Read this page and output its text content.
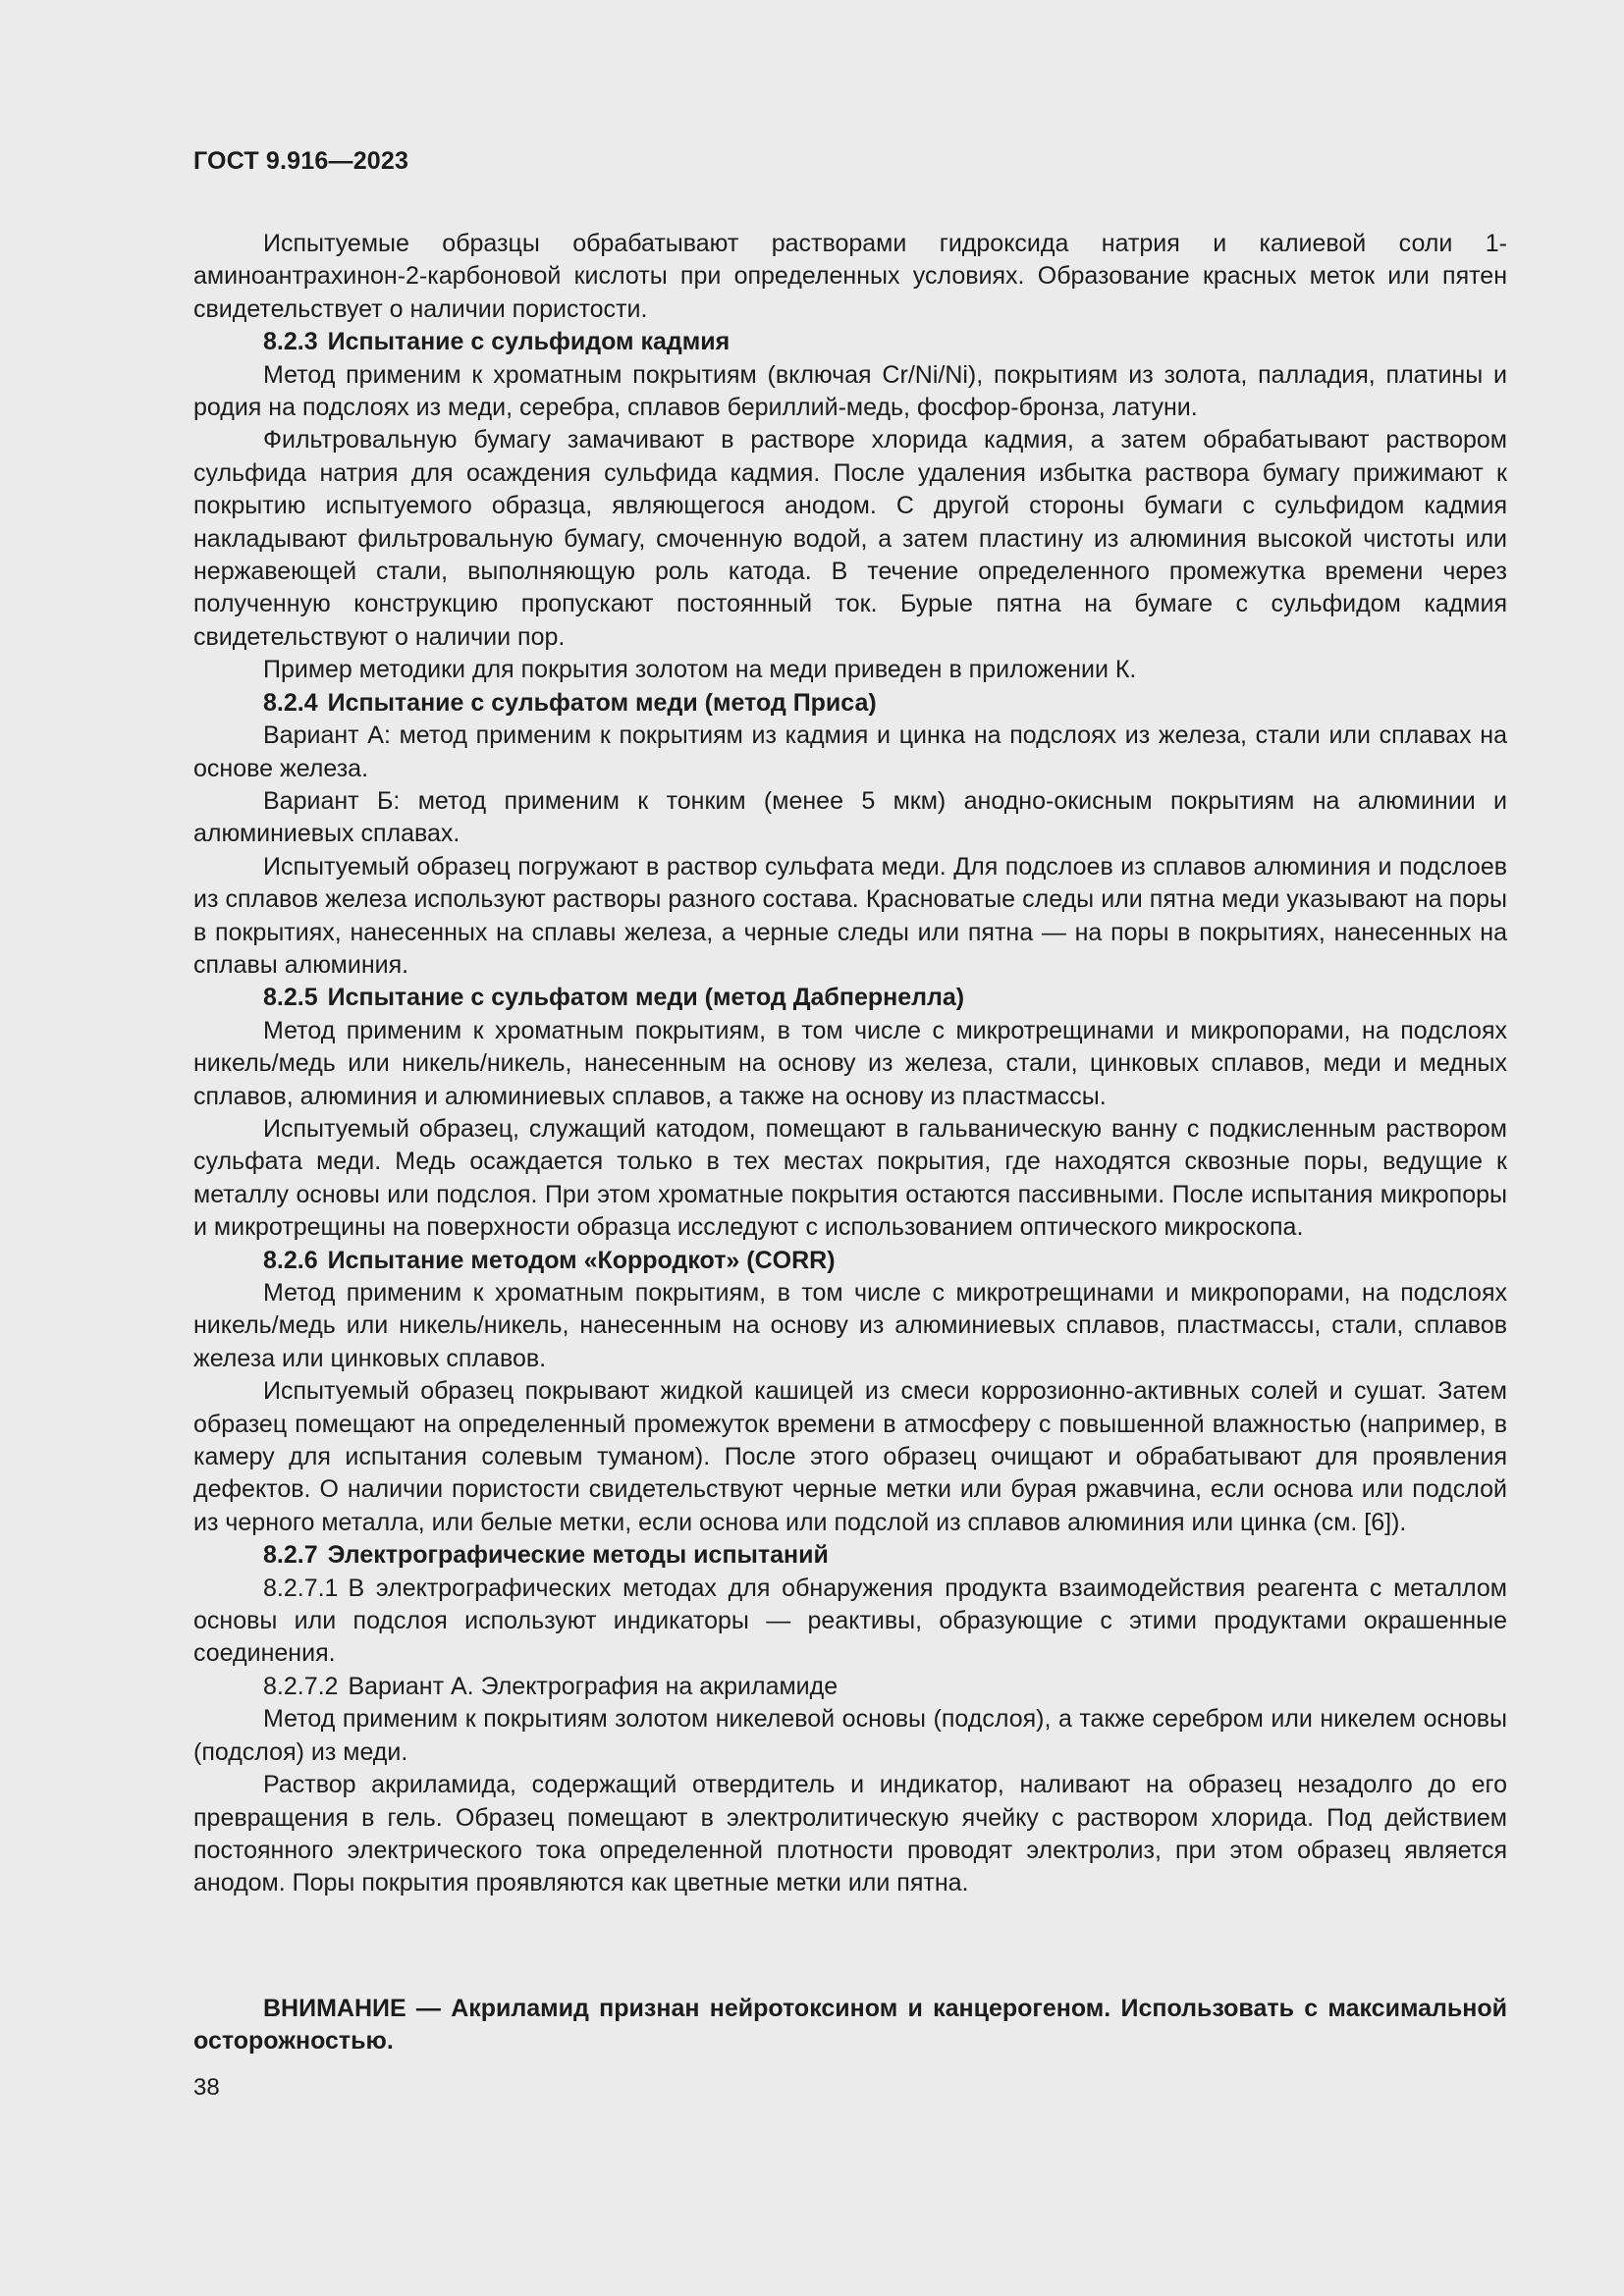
ГОСТ 9.916—2023

Испытуемые образцы обрабатывают растворами гидроксида натрия и калиевой соли 1-аминоантрахинон-2-карбоновой кислоты при определенных условиях. Образование красных меток или пятен свидетельствует о наличии пористости.

8.2.3 Испытание с сульфидом кадмия

Метод применим к хроматным покрытиям (включая Cr/Ni/Ni), покрытиям из золота, палладия, платины и родия на подслоях из меди, серебра, сплавов бериллий-медь, фосфор-бронза, латуни.

Фильтровальную бумагу замачивают в растворе хлорида кадмия, а затем обрабатывают раствором сульфида натрия для осаждения сульфида кадмия. После удаления избытка раствора бумагу прижимают к покрытию испытуемого образца, являющегося анодом. С другой стороны бумаги с сульфидом кадмия накладывают фильтровальную бумагу, смоченную водой, а затем пластину из алюминия высокой чистоты или нержавеющей стали, выполняющую роль катода. В течение определенного промежутка времени через полученную конструкцию пропускают постоянный ток. Бурые пятна на бумаге с сульфидом кадмия свидетельствуют о наличии пор.

Пример методики для покрытия золотом на меди приведен в приложении К.

8.2.4 Испытание с сульфатом меди (метод Приса)

Вариант А: метод применим к покрытиям из кадмия и цинка на подслоях из железа, стали или сплавах на основе железа.

Вариант Б: метод применим к тонким (менее 5 мкм) анодно-окисным покрытиям на алюминии и алюминиевых сплавах.

Испытуемый образец погружают в раствор сульфата меди. Для подслоев из сплавов алюминия и подслоев из сплавов железа используют растворы разного состава. Красноватые следы или пятна меди указывают на поры в покрытиях, нанесенных на сплавы железа, а черные следы или пятна — на поры в покрытиях, нанесенных на сплавы алюминия.

8.2.5 Испытание с сульфатом меди (метод Дабпернелла)

Метод применим к хроматным покрытиям, в том числе с микротрещинами и микропорами, на подслоях никель/медь или никель/никель, нанесенным на основу из железа, стали, цинковых сплавов, меди и медных сплавов, алюминия и алюминиевых сплавов, а также на основу из пластмассы.

Испытуемый образец, служащий катодом, помещают в гальваническую ванну с подкисленным раствором сульфата меди. Медь осаждается только в тех местах покрытия, где находятся сквозные поры, ведущие к металлу основы или подслоя. При этом хроматные покрытия остаются пассивными. После испытания микропоры и микротрещины на поверхности образца исследуют с использованием оптического микроскопа.

8.2.6 Испытание методом «Корродкот» (CORR)

Метод применим к хроматным покрытиям, в том числе с микротрещинами и микропорами, на подслоях никель/медь или никель/никель, нанесенным на основу из алюминиевых сплавов, пластмассы, стали, сплавов железа или цинковых сплавов.

Испытуемый образец покрывают жидкой кашицей из смеси коррозионно-активных солей и сушат. Затем образец помещают на определенный промежуток времени в атмосферу с повышенной влажностью (например, в камеру для испытания солевым туманом). После этого образец очищают и обрабатывают для проявления дефектов. О наличии пористости свидетельствуют черные метки или бурая ржавчина, если основа или подслой из черного металла, или белые метки, если основа или подслой из сплавов алюминия или цинка (см. [6]).

8.2.7 Электрографические методы испытаний

8.2.7.1 В электрографических методах для обнаружения продукта взаимодействия реагента с металлом основы или подслоя используют индикаторы — реактивы, образующие с этими продуктами окрашенные соединения.

8.2.7.2 Вариант А. Электрография на акриламиде

Метод применим к покрытиям золотом никелевой основы (подслоя), а также серебром или никелем основы (подслоя) из меди.

Раствор акриламида, содержащий отвердитель и индикатор, наливают на образец незадолго до его превращения в гель. Образец помещают в электролитическую ячейку с раствором хлорида. Под действием постоянного электрического тока определенной плотности проводят электролиз, при этом образец является анодом. Поры покрытия проявляются как цветные метки или пятна.

ВНИМАНИЕ — Акриламид признан нейротоксином и канцерогеном. Использовать с максимальной осторожностью.

38
